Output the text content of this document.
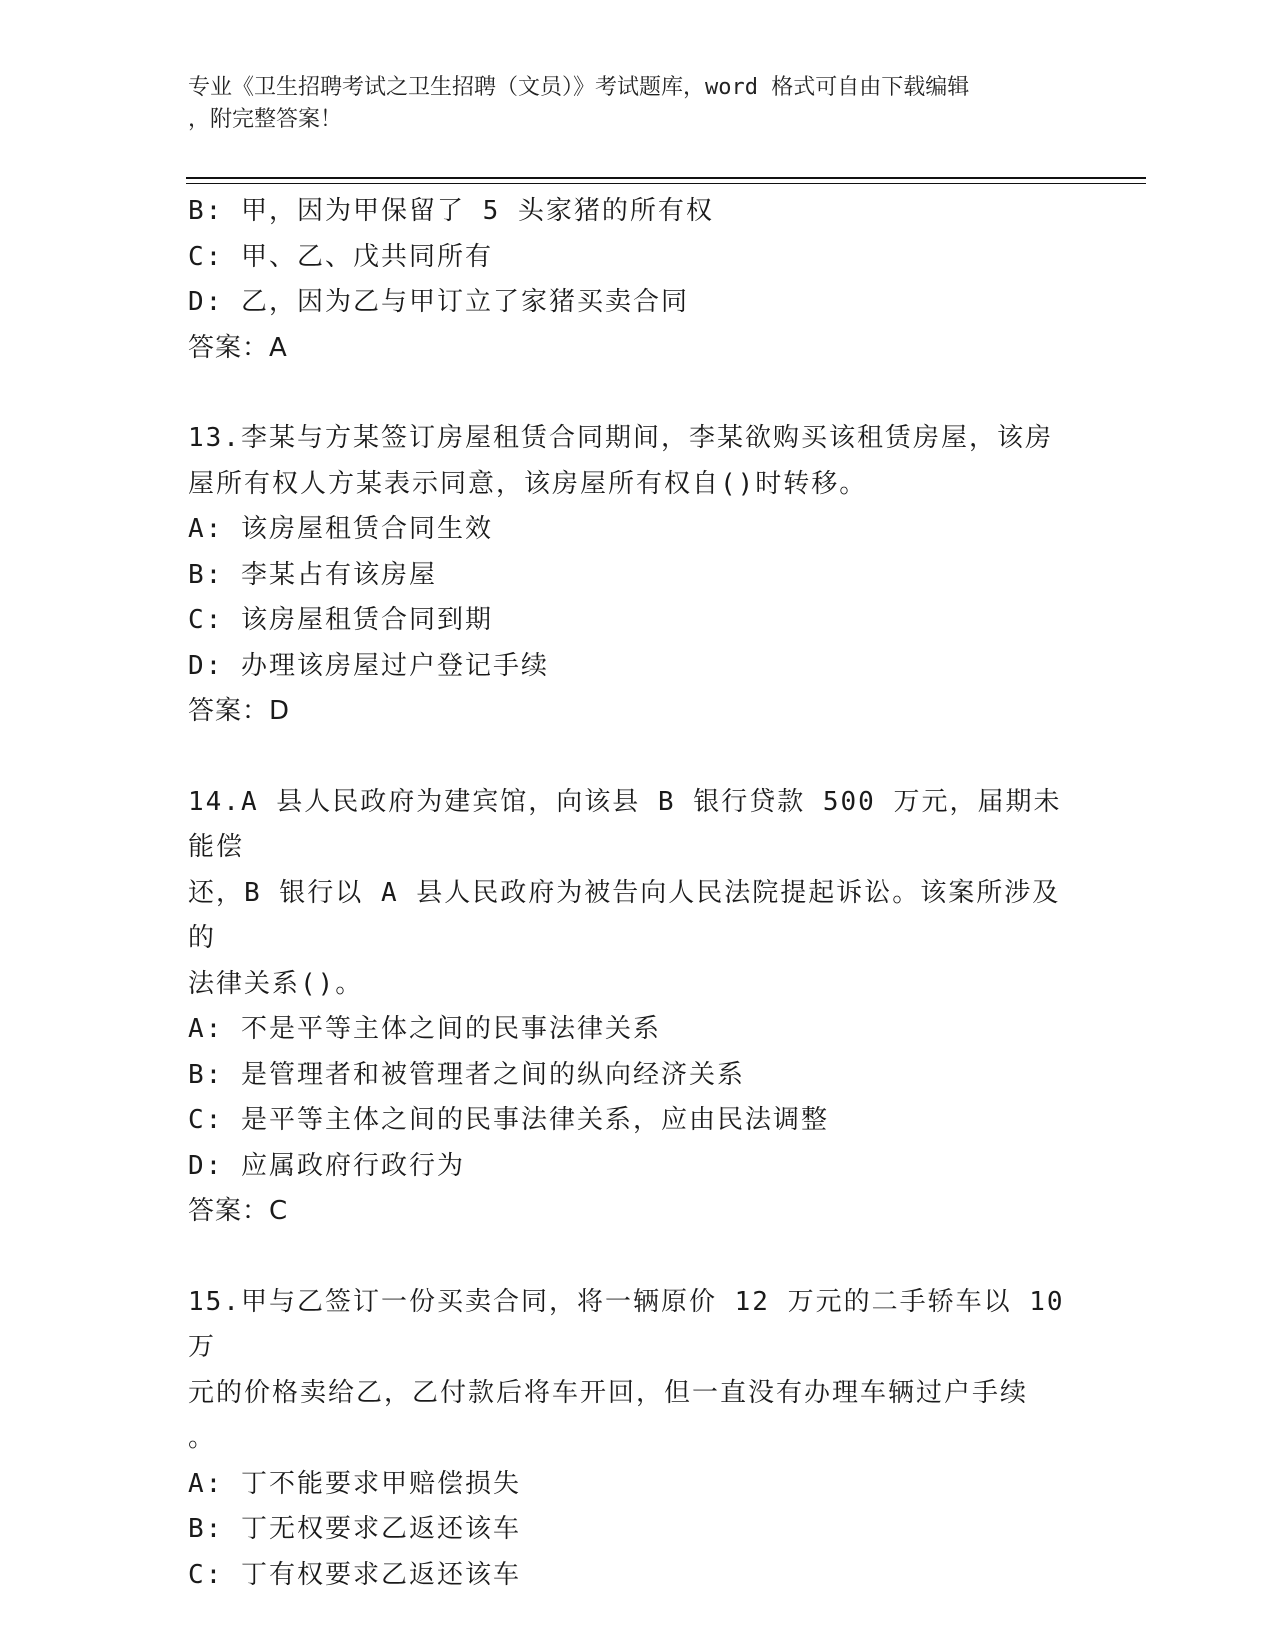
专业《卫生招聘考试之卫生招聘（文员）》考试题库，word 格式可自由下载编辑
，附完整答案！
B: 甲，因为甲保留了 5 头家猪的所有权
C: 甲、乙、戊共同所有
D: 乙，因为乙与甲订立了家猪买卖合同
答案：A
13.李某与方某签订房屋租赁合同期间，李某欲购买该租赁房屋，该房
屋所有权人方某表示同意，该房屋所有权自()时转移。
A: 该房屋租赁合同生效
B: 李某占有该房屋
C: 该房屋租赁合同到期
D: 办理该房屋过户登记手续
答案：D
14.A 县人民政府为建宾馆，向该县 B 银行贷款 500 万元，届期未能偿
还，B 银行以 A 县人民政府为被告向人民法院提起诉讼。该案所涉及的
法律关系()。
A: 不是平等主体之间的民事法律关系
B: 是管理者和被管理者之间的纵向经济关系
C: 是平等主体之间的民事法律关系，应由民法调整
D: 应属政府行政行为
答案：C
15.甲与乙签订一份买卖合同，将一辆原价 12 万元的二手轿车以 10 万
元的价格卖给乙，乙付款后将车开回，但一直没有办理车辆过户手续
。
A: 丁不能要求甲赔偿损失
B: 丁无权要求乙返还该车
C: 丁有权要求乙返还该车
